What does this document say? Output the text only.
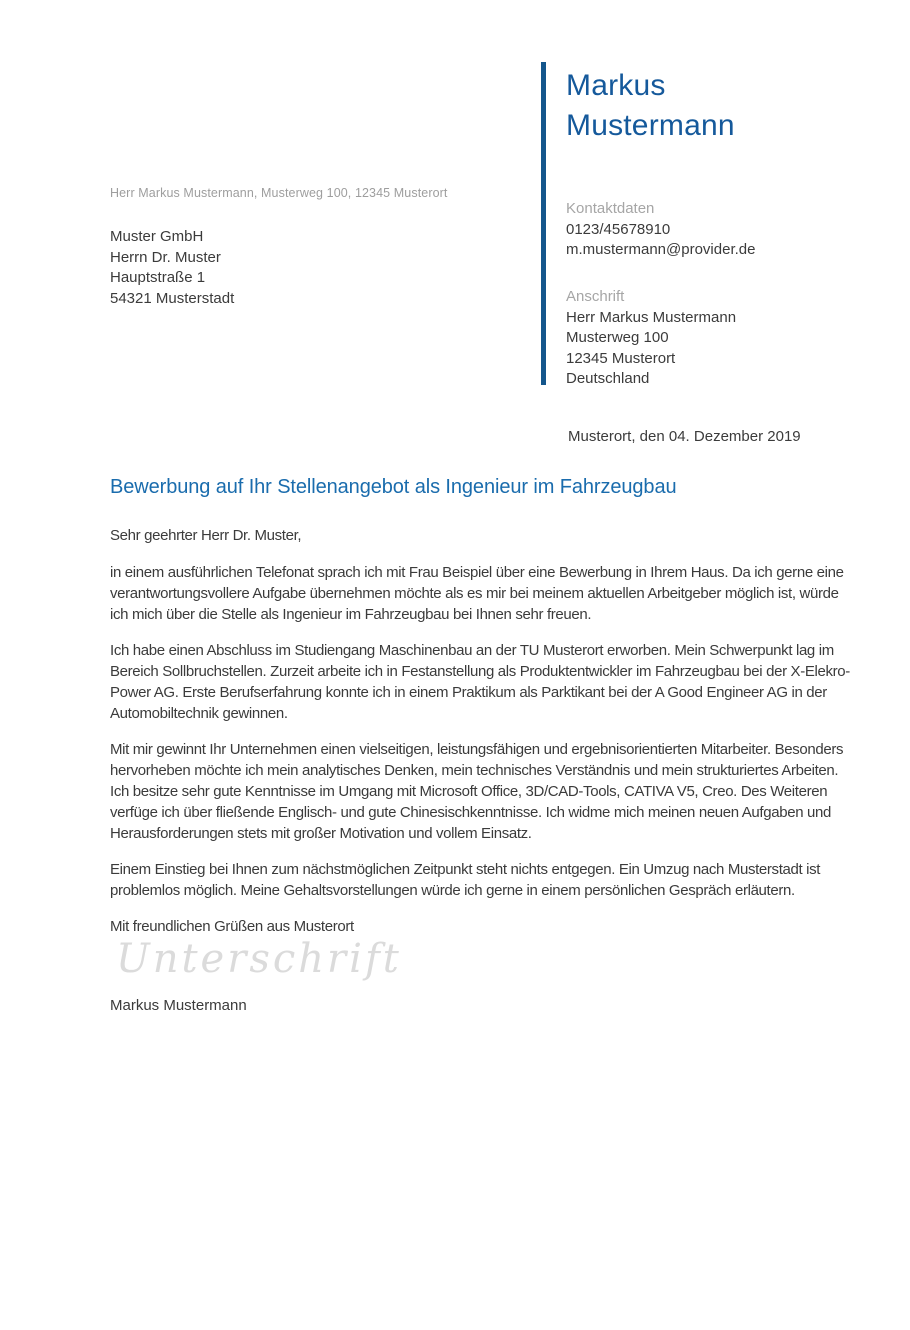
Markus
Mustermann
Herr Markus Mustermann, Musterweg 100, 12345 Musterort
Muster GmbH
Herrn Dr. Muster
Hauptstraße 1
54321 Musterstadt
Kontaktdaten
0123/45678910
m.mustermann@provider.de
Anschrift
Herr Markus Mustermann
Musterweg 100
12345 Musterort
Deutschland
Musterort, den 04. Dezember 2019
Bewerbung auf Ihr Stellenangebot als Ingenieur im Fahrzeugbau

Sehr geehrter Herr Dr. Muster,

in einem ausführlichen Telefonat sprach ich mit Frau Beispiel über eine Bewerbung in Ihrem Haus. Da ich gerne eine verantwortungsvollere Aufgabe übernehmen möchte als es mir bei meinem aktuellen Arbeitgeber möglich ist, würde ich mich über die Stelle als Ingenieur im Fahrzeugbau bei Ihnen sehr freuen.

Ich habe einen Abschluss im Studiengang Maschinenbau an der TU Musterort erworben. Mein Schwerpunkt lag im Bereich Sollbruchstellen. Zurzeit arbeite ich in Festanstellung als Produktentwickler im Fahrzeugbau bei der X-Elekro-Power AG. Erste Berufserfahrung konnte ich in einem Praktikum als Parktikant bei der A Good Engineer AG in der Automobiltechnik gewinnen.

Mit mir gewinnt Ihr Unternehmen einen vielseitigen, leistungsfähigen und ergebnisorientierten Mitarbeiter. Besonders hervorheben möchte ich mein analytisches Denken, mein technisches Verständnis und mein strukturiertes Arbeiten. Ich besitze sehr gute Kenntnisse im Umgang mit Microsoft Office, 3D/CAD-Tools, CATIVA V5, Creo. Des Weiteren verfüge ich über fließende Englisch- und gute Chinesischkenntnisse. Ich widme mich meinen neuen Aufgaben und Herausforderungen stets mit großer Motivation und vollem Einsatz.

Einem Einstieg bei Ihnen zum nächstmöglichen Zeitpunkt steht nichts entgegen. Ein Umzug nach Musterstadt ist problemlos möglich. Meine Gehaltsvorstellungen würde ich gerne in einem persönlichen Gespräch erläutern.

Mit freundlichen Grüßen aus Musterort

Unterschrift
Markus Mustermann
